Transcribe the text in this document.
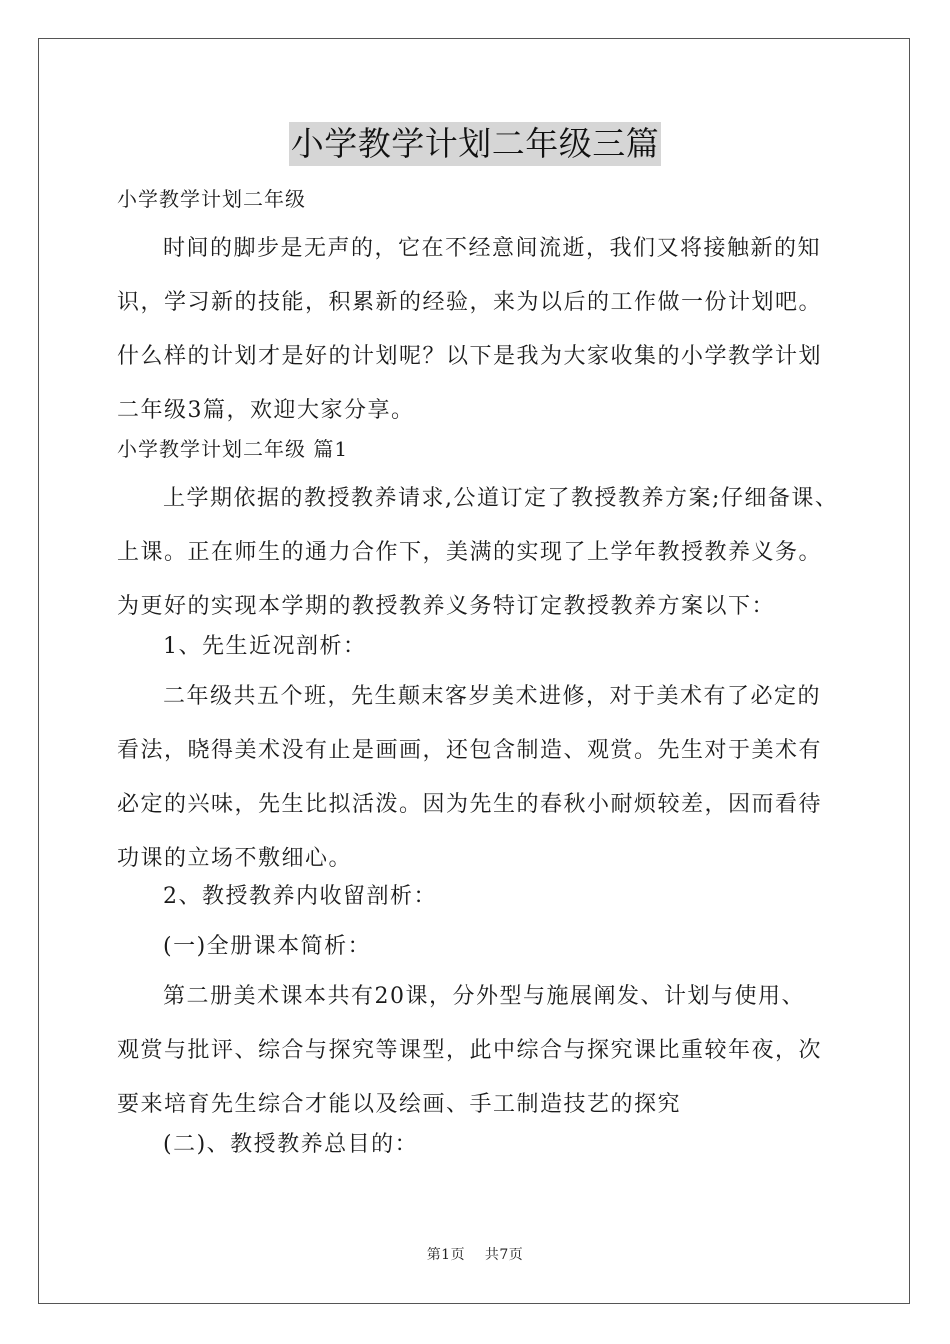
小学教学计划二年级三篇
小学教学计划二年级
时间的脚步是无声的，它在不经意间流逝，我们又将接触新的知
识，学习新的技能，积累新的经验，来为以后的工作做一份计划吧。
什么样的计划才是好的计划呢？以下是我为大家收集的小学教学计划
二年级3篇，欢迎大家分享。
小学教学计划二年级 篇1
上学期依据的教授教养请求,公道订定了教授教养方案;仔细备课、
上课。正在师生的通力合作下，美满的实现了上学年教授教养义务。
为更好的实现本学期的教授教养义务特订定教授教养方案以下：
1、先生近况剖析：
二年级共五个班，先生颠末客岁美术进修，对于美术有了必定的
看法，晓得美术没有止是画画，还包含制造、观赏。先生对于美术有
必定的兴味，先生比拟活泼。因为先生的春秋小耐烦较差，因而看待
功课的立场不敷细心。
2、教授教养内收留剖析：
(一)全册课本简析：
第二册美术课本共有20课，分外型与施展阐发、计划与使用、
观赏与批评、综合与探究等课型，此中综合与探究课比重较年夜，次
要来培育先生综合才能以及绘画、手工制造技艺的探究
(二)、教授教养总目的：
第1页    共7页
